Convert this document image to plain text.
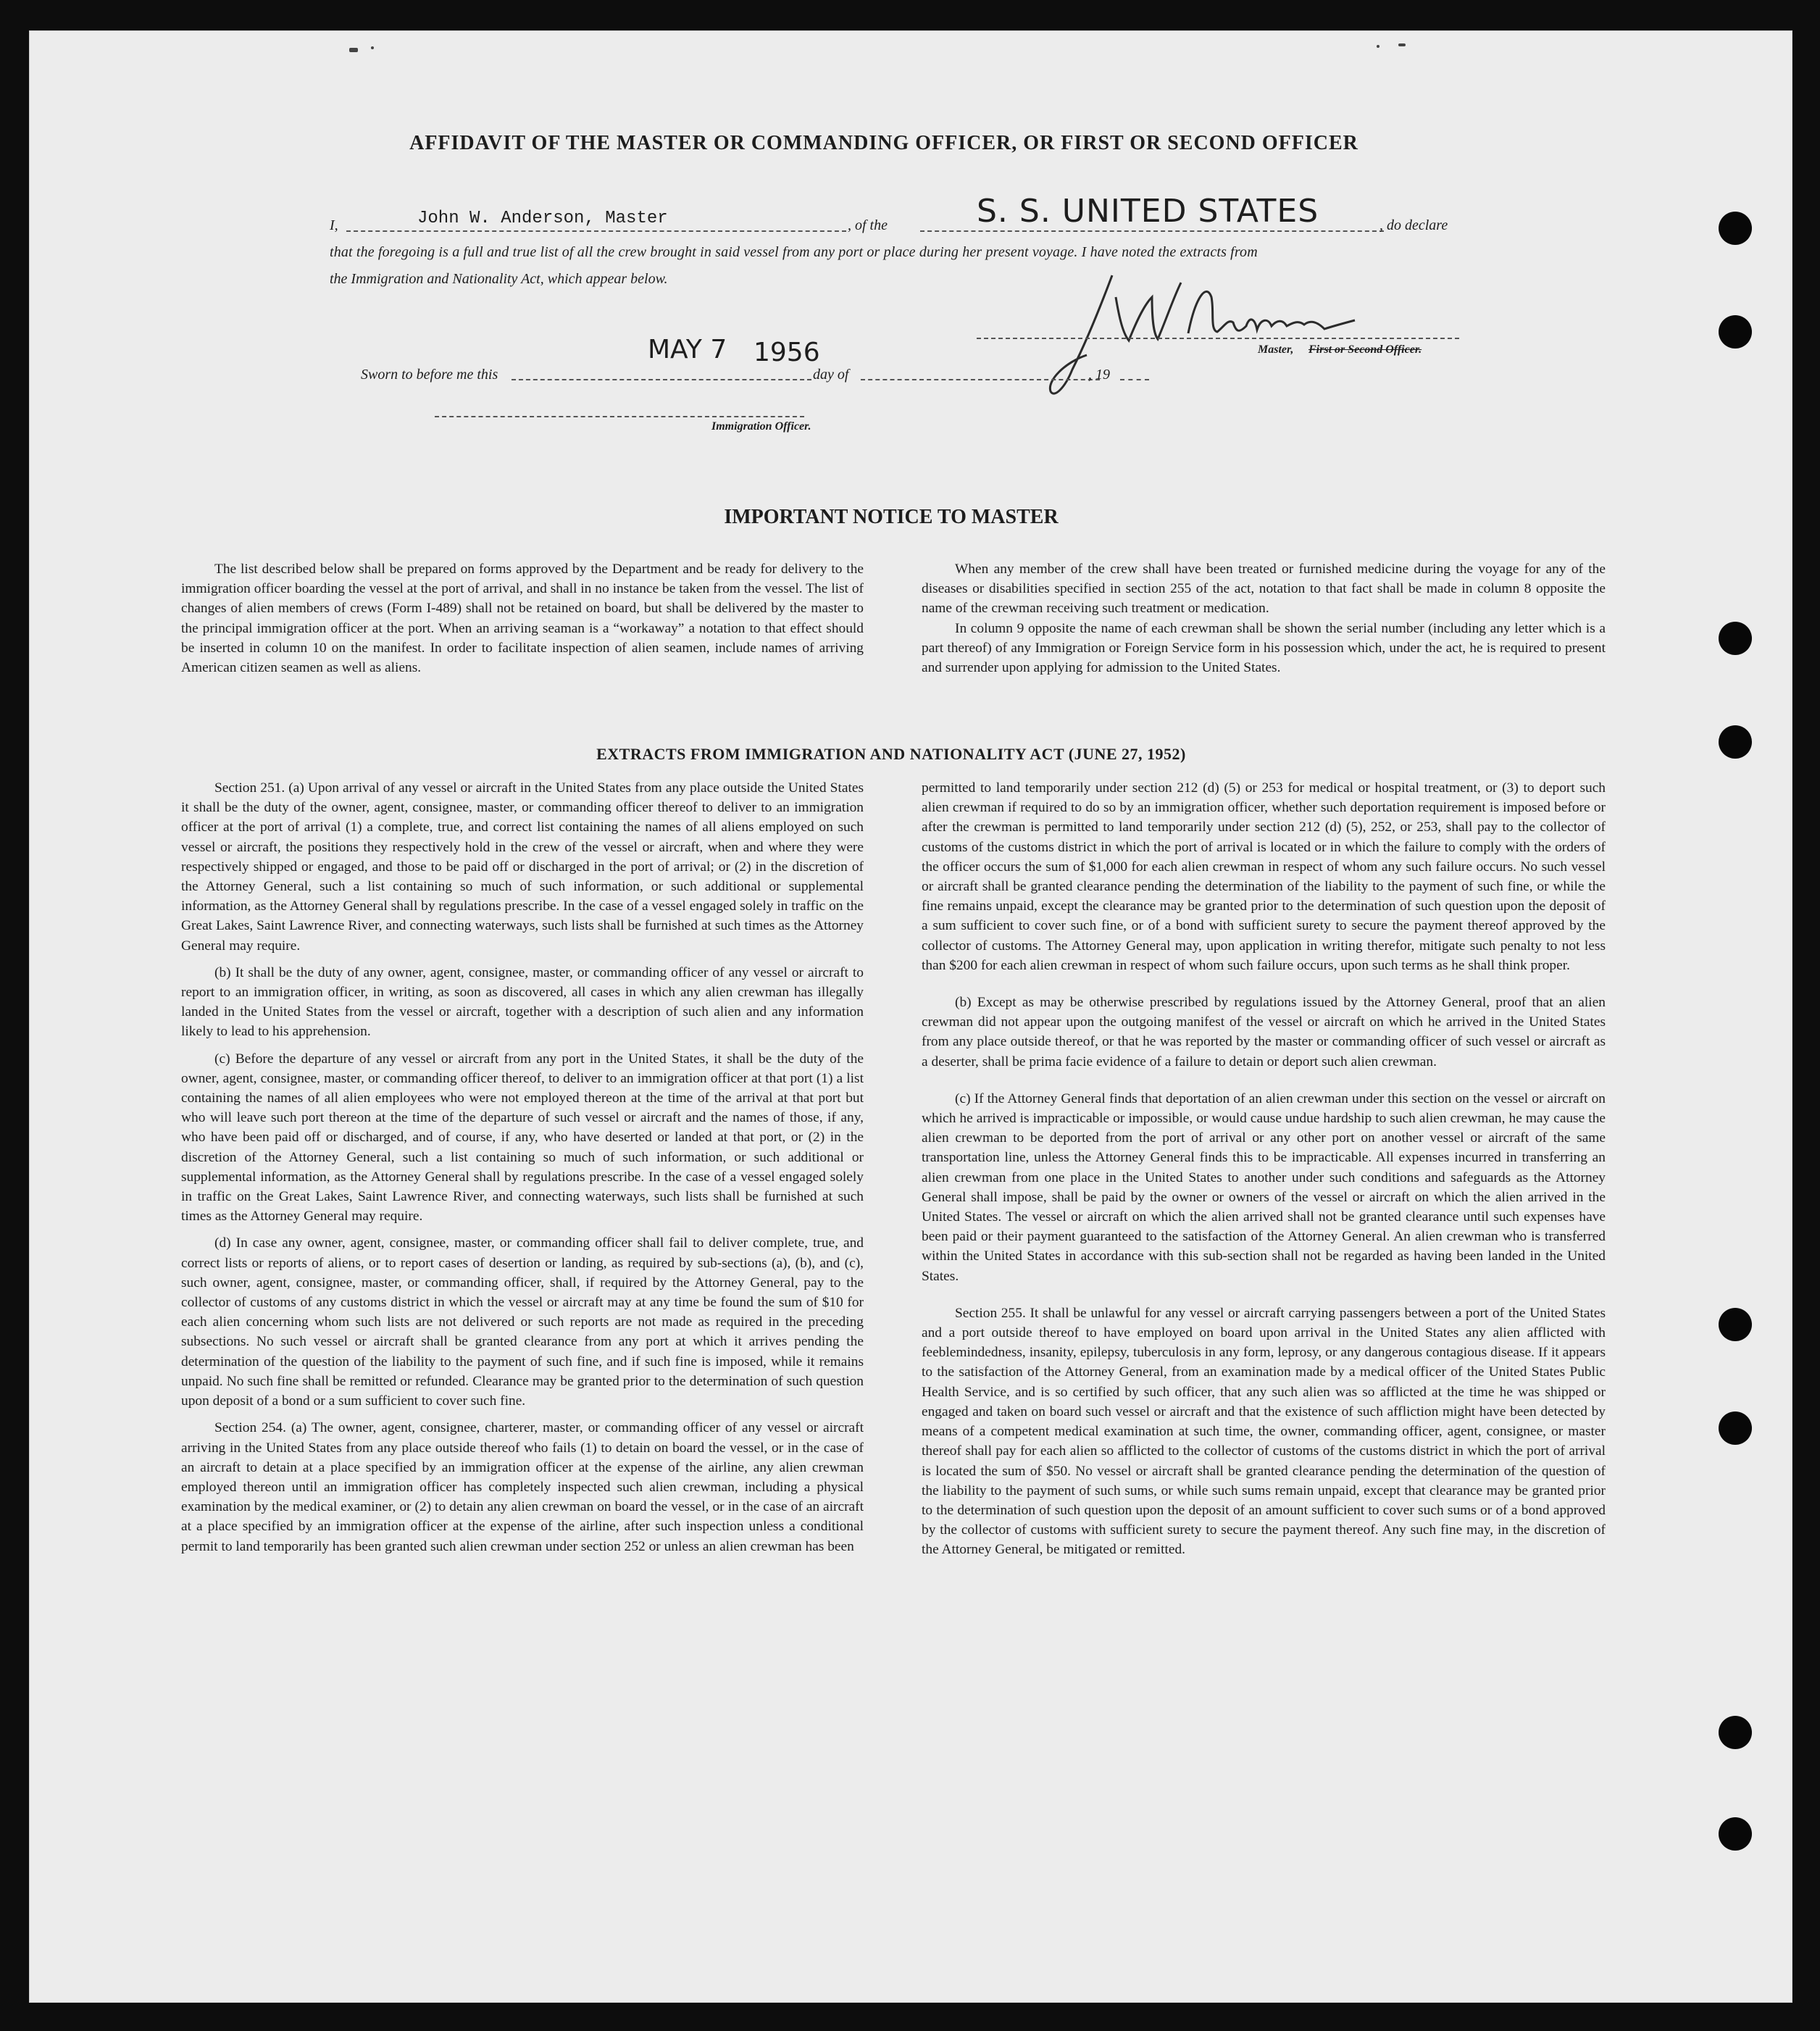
AFFIDAVIT OF THE MASTER OR COMMANDING OFFICER, OR FIRST OR SECOND OFFICER
I,	John W. Anderson, Master	, of the	S. S. UNITED STATES	, do declare
that the foregoing is a full and true list of all the crew brought in said vessel from any port or place during her present voyage. I have noted the extracts from
the Immigration and Nationality Act, which appear below.
Master, First or Second Officer.
Sworn to before me this
MAY 7 1956
day of	, 19
Immigration Officer.
IMPORTANT NOTICE TO MASTER

The list described below shall be prepared on forms approved by the Department and be ready for delivery to the immigration officer boarding the vessel at the port of arrival, and shall in no instance be taken from the vessel. The list of changes of alien members of crews (Form I-489) shall not be retained on board, but shall be delivered by the master to the principal immigration officer at the port. When an arriving seaman is a “workaway” a notation to that effect should be inserted in column 10 on the manifest. In order to facilitate inspection of alien seamen, include names of arriving American citizen seamen as well as aliens.

When any member of the crew shall have been treated or furnished medicine during the voyage for any of the diseases or disabilities specified in section 255 of the act, notation to that fact shall be made in column 8 opposite the name of the crewman receiving such treatment or medication.

In column 9 opposite the name of each crewman shall be shown the serial number (including any letter which is a part thereof) of any Immigration or Foreign Service form in his possession which, under the act, he is required to present and surrender upon applying for admission to the United States.

EXTRACTS FROM IMMIGRATION AND NATIONALITY ACT (JUNE 27, 1952)

Section 251. (a) Upon arrival of any vessel or aircraft in the United States from any place outside the United States it shall be the duty of the owner, agent, consignee, master, or commanding officer thereof to deliver to an immigration officer at the port of arrival (1) a complete, true, and correct list containing the names of all aliens employed on such vessel or aircraft, the positions they respectively hold in the crew of the vessel or aircraft, when and where they were respectively shipped or engaged, and those to be paid off or discharged in the port of arrival; or (2) in the discretion of the Attorney General, such a list containing so much of such information, or such additional or supplemental information, as the Attorney General shall by regulations prescribe. In the case of a vessel engaged solely in traffic on the Great Lakes, Saint Lawrence River, and connecting waterways, such lists shall be furnished at such times as the Attorney General may require.

(b) It shall be the duty of any owner, agent, consignee, master, or commanding officer of any vessel or aircraft to report to an immigration officer, in writing, as soon as discovered, all cases in which any alien crewman has illegally landed in the United States from the vessel or aircraft, together with a description of such alien and any information likely to lead to his apprehension.

(c) Before the departure of any vessel or aircraft from any port in the United States, it shall be the duty of the owner, agent, consignee, master, or commanding officer thereof, to deliver to an immigration officer at that port (1) a list containing the names of all alien employees who were not employed thereon at the time of the arrival at that port but who will leave such port thereon at the time of the departure of such vessel or aircraft and the names of those, if any, who have been paid off or discharged, and of course, if any, who have deserted or landed at that port, or (2) in the discretion of the Attorney General, such a list containing so much of such information, or such additional or supplemental information, as the Attorney General shall by regulations prescribe. In the case of a vessel engaged solely in traffic on the Great Lakes, Saint Lawrence River, and connecting waterways, such lists shall be furnished at such times as the Attorney General may require.

(d) In case any owner, agent, consignee, master, or commanding officer shall fail to deliver complete, true, and correct lists or reports of aliens, or to report cases of desertion or landing, as required by sub-sections (a), (b), and (c), such owner, agent, consignee, master, or commanding officer, shall, if required by the Attorney General, pay to the collector of customs of any customs district in which the vessel or aircraft may at any time be found the sum of $10 for each alien concerning whom such lists are not delivered or such reports are not made as required in the preceding subsections. No such vessel or aircraft shall be granted clearance from any port at which it arrives pending the determination of the question of the liability to the payment of such fine, and if such fine is imposed, while it remains unpaid. No such fine shall be remitted or refunded. Clearance may be granted prior to the determination of such question upon deposit of a bond or a sum sufficient to cover such fine.

Section 254. (a) The owner, agent, consignee, charterer, master, or commanding officer of any vessel or aircraft arriving in the United States from any place outside thereof who fails (1) to detain on board the vessel, or in the case of an aircraft to detain at a place specified by an immigration officer at the expense of the airline, any alien crewman employed thereon until an immigration officer has completely inspected such alien crewman, including a physical examination by the medical examiner, or (2) to detain any alien crewman on board the vessel, or in the case of an aircraft at a place specified by an immigration officer at the expense of the airline, after such inspection unless a conditional permit to land temporarily has been granted such alien crewman under section 252 or unless an alien crewman has been

permitted to land temporarily under section 212 (d) (5) or 253 for medical or hospital treatment, or (3) to deport such alien crewman if required to do so by an immigration officer, whether such deportation requirement is imposed before or after the crewman is permitted to land temporarily under section 212 (d) (5), 252, or 253, shall pay to the collector of customs of the customs district in which the port of arrival is located or in which the failure to comply with the orders of the officer occurs the sum of $1,000 for each alien crewman in respect of whom any such failure occurs. No such vessel or aircraft shall be granted clearance pending the determination of the liability to the payment of such fine, or while the fine remains unpaid, except the clearance may be granted prior to the determination of such question upon the deposit of a sum sufficient to cover such fine, or of a bond with sufficient surety to secure the payment thereof approved by the collector of customs. The Attorney General may, upon application in writing therefor, mitigate such penalty to not less than $200 for each alien crewman in respect of whom such failure occurs, upon such terms as he shall think proper.

(b) Except as may be otherwise prescribed by regulations issued by the Attorney General, proof that an alien crewman did not appear upon the outgoing manifest of the vessel or aircraft on which he arrived in the United States from any place outside thereof, or that he was reported by the master or commanding officer of such vessel or aircraft as a deserter, shall be prima facie evidence of a failure to detain or deport such alien crewman.

(c) If the Attorney General finds that deportation of an alien crewman under this section on the vessel or aircraft on which he arrived is impracticable or impossible, or would cause undue hardship to such alien crewman, he may cause the alien crewman to be deported from the port of arrival or any other port on another vessel or aircraft of the same transportation line, unless the Attorney General finds this to be impracticable. All expenses incurred in transferring an alien crewman from one place in the United States to another under such conditions and safeguards as the Attorney General shall impose, shall be paid by the owner or owners of the vessel or aircraft on which the alien arrived in the United States. The vessel or aircraft on which the alien arrived shall not be granted clearance until such expenses have been paid or their payment guaranteed to the satisfaction of the Attorney General. An alien crewman who is transferred within the United States in accordance with this sub-section shall not be regarded as having been landed in the United States.

Section 255. It shall be unlawful for any vessel or aircraft carrying passengers between a port of the United States and a port outside thereof to have employed on board upon arrival in the United States any alien afflicted with feeblemindedness, insanity, epilepsy, tuberculosis in any form, leprosy, or any dangerous contagious disease. If it appears to the satisfaction of the Attorney General, from an examination made by a medical officer of the United States Public Health Service, and is so certified by such officer, that any such alien was so afflicted at the time he was shipped or engaged and taken on board such vessel or aircraft and that the existence of such affliction might have been detected by means of a competent medical examination at such time, the owner, commanding officer, agent, consignee, or master thereof shall pay for each alien so afflicted to the collector of customs of the customs district in which the port of arrival is located the sum of $50. No vessel or aircraft shall be granted clearance pending the determination of the question of the liability to the payment of such sums, or while such sums remain unpaid, except that clearance may be granted prior to the determination of such question upon the deposit of an amount sufficient to cover such sums or of a bond approved by the collector of customs with sufficient surety to secure the payment thereof. Any such fine may, in the discretion of the Attorney General, be mitigated or remitted.
